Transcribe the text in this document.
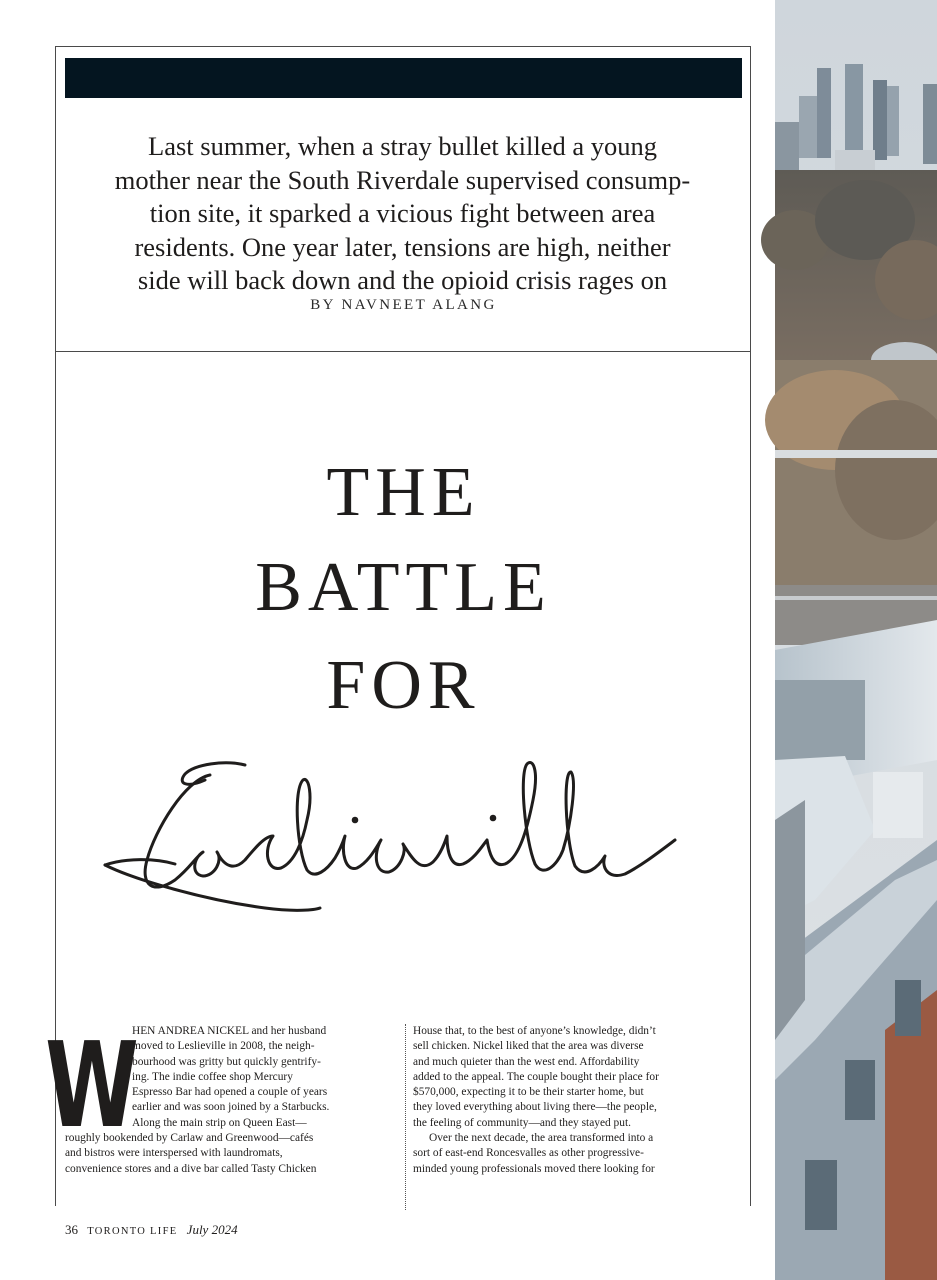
Last summer, when a stray bullet killed a young
mother near the South Riverdale supervised consump-
tion site, it sparked a vicious fight between area
residents. One year later, tensions are high, neither
side will back down and the opioid crisis rages on
BY NAVNEET ALANG
THE
BATTLE
FOR
W

HEN ANDREA NICKEL and her husband

moved to Leslieville in 2008, the neigh-

bourhood was gritty but quickly gentrify-

ing. The indie coffee shop Mercury

Espresso Bar had opened a couple of years

earlier and was soon joined by a Starbucks.

Along the main strip on Queen East—

roughly bookended by Carlaw and Greenwood—cafés

and bistros were interspersed with laundromats,

convenience stores and a dive bar called Tasty Chicken

House that, to the best of anyone’s knowledge, didn’t

sell chicken. Nickel liked that the area was diverse

and much quieter than the west end. Affordability

added to the appeal. The couple bought their place for

$570,000, expecting it to be their starter home, but

they loved everything about living there—the people,

the feeling of community—and they stayed put.

Over the next decade, the area transformed into a

sort of east-end Roncesvalles as other progressive-

minded young professionals moved there looking for

36 TORONTO LIFE July 2024
